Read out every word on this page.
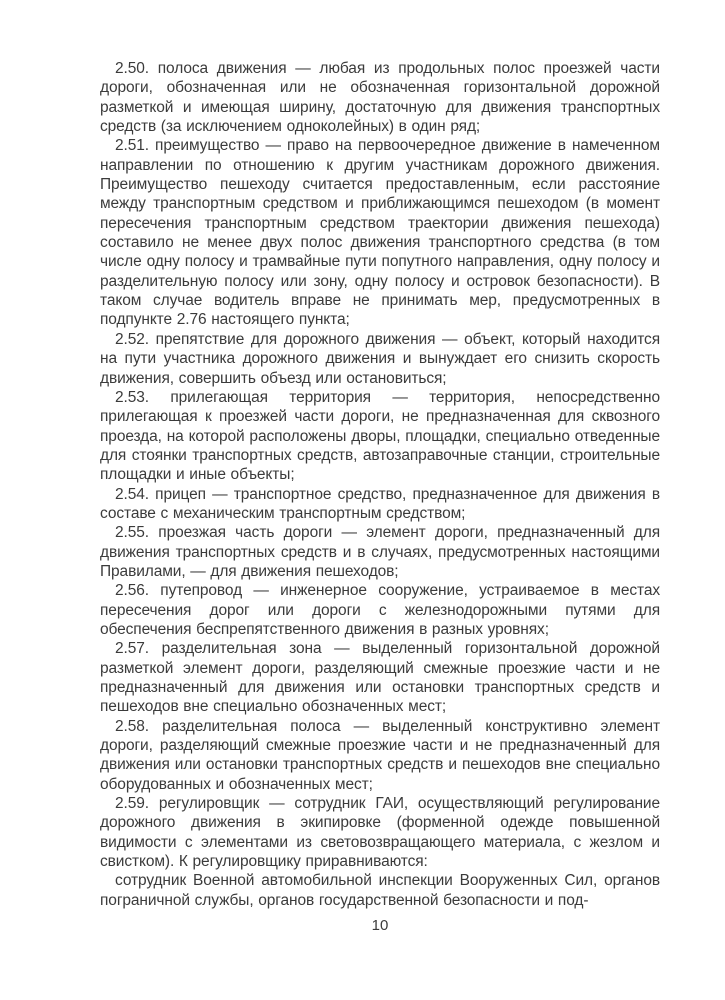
2.50. полоса движения — любая из продольных полос проезжей части дороги, обозначенная или не обозначенная горизонтальной дорожной разметкой и имеющая ширину, достаточную для движения транспортных средств (за исключением одноколейных) в один ряд;

2.51. преимущество — право на первоочередное движение в намеченном направлении по отношению к другим участникам дорожного движения. Преимущество пешеходу считается предоставленным, если расстояние между транспортным средством и приближающимся пешеходом (в момент пересечения транспортным средством траектории движения пешехода) составило не менее двух полос движения транспортного средства (в том числе одну полосу и трамвайные пути попутного направления, одну полосу и разделительную полосу или зону, одну полосу и островок безопасности). В таком случае водитель вправе не принимать мер, предусмотренных в подпункте 2.76 настоящего пункта;

2.52. препятствие для дорожного движения — объект, который находится на пути участника дорожного движения и вынуждает его снизить скорость движения, совершить объезд или остановиться;

2.53. прилегающая территория — территория, непосредственно прилегающая к проезжей части дороги, не предназначенная для сквозного проезда, на которой расположены дворы, площадки, специально отведенные для стоянки транспортных средств, автозаправочные станции, строительные площадки и иные объекты;

2.54. прицеп — транспортное средство, предназначенное для движения в составе с механическим транспортным средством;

2.55. проезжая часть дороги — элемент дороги, предназначенный для движения транспортных средств и в случаях, предусмотренных настоящими Правилами, — для движения пешеходов;

2.56. путепровод — инженерное сооружение, устраиваемое в местах пересечения дорог или дороги с железнодорожными путями для обеспечения беспрепятственного движения в разных уровнях;

2.57. разделительная зона — выделенный горизонтальной дорожной разметкой элемент дороги, разделяющий смежные проезжие части и не предназначенный для движения или остановки транспортных средств и пешеходов вне специально обозначенных мест;

2.58. разделительная полоса — выделенный конструктивно элемент дороги, разделяющий смежные проезжие части и не предназначенный для движения или остановки транспортных средств и пешеходов вне специально оборудованных и обозначенных мест;

2.59. регулировщик — сотрудник ГАИ, осуществляющий регулирование дорожного движения в экипировке (форменной одежде повышенной видимости с элементами из световозвращающего материала, с жезлом и свистком). К регулировщику приравниваются:

сотрудник Военной автомобильной инспекции Вооруженных Сил, органов пограничной службы, органов государственной безопасности и под-

10
